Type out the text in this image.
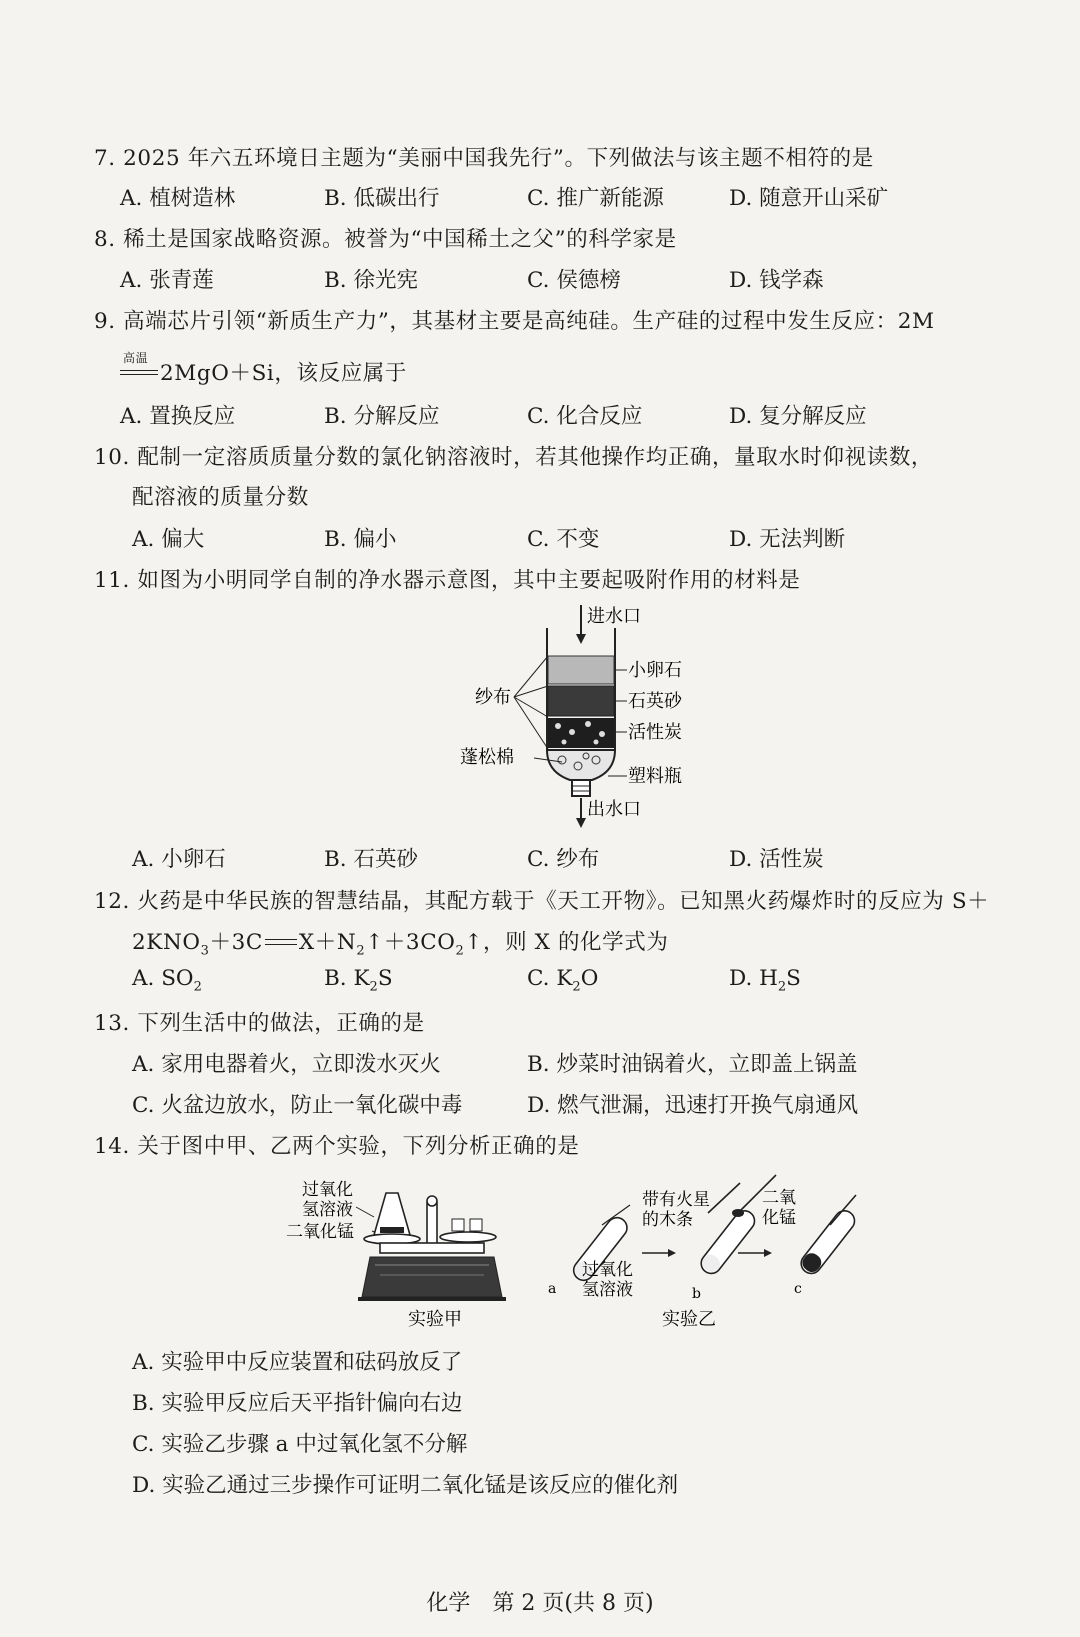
7. 2025 年六五环境日主题为“美丽中国我先行”。下列做法与该主题不相符的是
A. 植树造林	B. 低碳出行	C. 推广新能源	D. 随意开山采矿
8. 稀土是国家战略资源。被誉为“中国稀土之父”的科学家是
A. 张青莲	B. 徐光宪	C. 侯德榜	D. 钱学森
9. 高端芯片引领“新质生产力”，其基材主要是高纯硅。生产硅的过程中发生反应：2M
高温
2MgO＋Si，该反应属于
A. 置换反应	B. 分解反应	C. 化合反应	D. 复分解反应
10. 配制一定溶质质量分数的氯化钠溶液时，若其他操作均正确，量取水时仰视读数，
配溶液的质量分数
A. 偏大	B. 偏小	C. 不变	D. 无法判断
11. 如图为小明同学自制的净水器示意图，其中主要起吸附作用的材料是
进水口
出水口
小卵石
石英砂
活性炭
塑料瓶
纱布
蓬松棉
A. 小卵石	B. 石英砂	C. 纱布	D. 活性炭
12. 火药是中华民族的智慧结晶，其配方载于《天工开物》。已知黑火药爆炸时的反应为 S＋
$2KNO_3+3C$ $X+N_2↑+3CO_2↑$，则 X 的化学式为
A. $SO_2$	B. $K_2S$	C. $K_2O$	D. $H_2S$
13. 下列生活中的做法，正确的是
A. 家用电器着火，立即泼水灭火	B. 炒菜时油锅着火，立即盖上锅盖
C. 火盆边放水，防止一氧化碳中毒	D. 燃气泄漏，迅速打开换气扇通风
14. 关于图中甲、乙两个实验，下列分析正确的是
过氧化
氢溶液
二氧化锰
实验甲
a
过氧化
氢溶液
带有火星
的木条
b
二氧
化锰
c
实验乙
A. 实验甲中反应装置和砝码放反了
B. 实验甲反应后天平指针偏向右边
C. 实验乙步骤 a 中过氧化氢不分解
D. 实验乙通过三步操作可证明二氧化锰是该反应的催化剂
化学　第 2 页(共 8 页)
